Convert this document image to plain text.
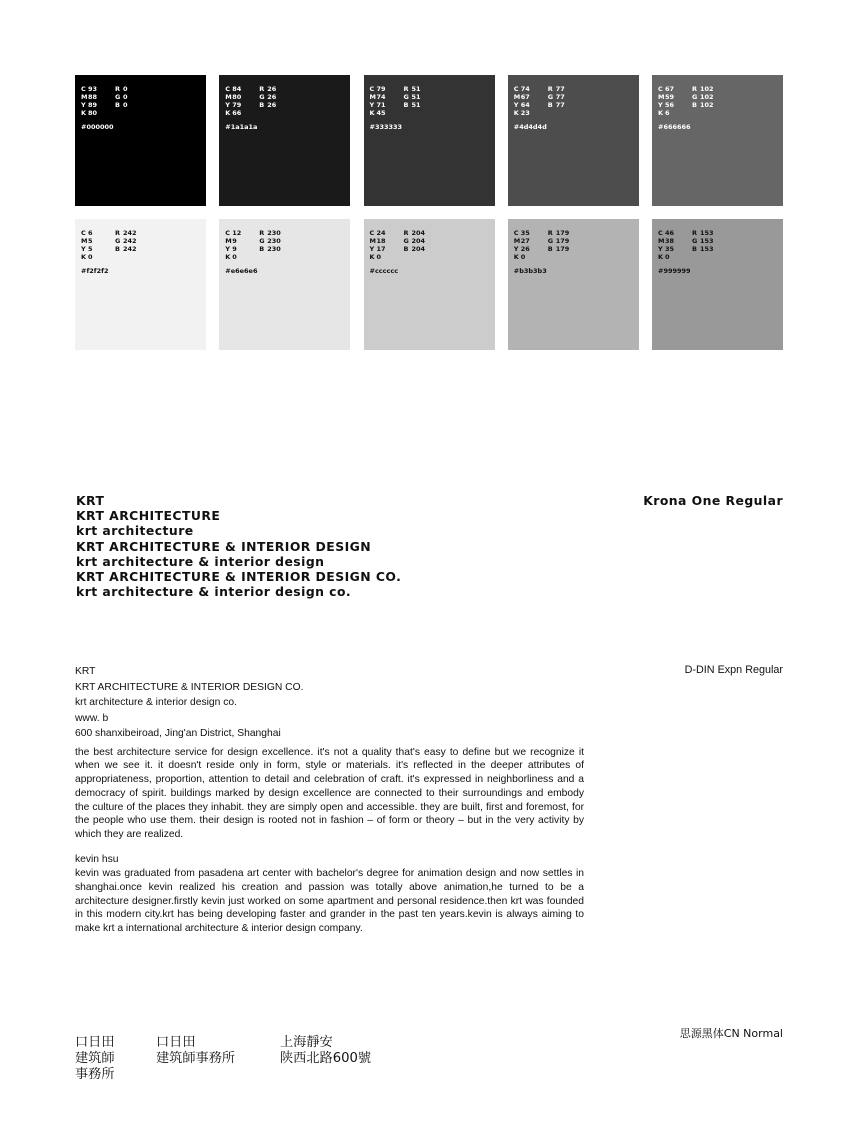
C 93	R 0
M 88	G 0
Y 89	B 0
K 80
#000000
C 84	R 26
M 80	G 26
Y 79	B 26
K 66
#1a1a1a
C 79	R 51
M 74	G 51
Y 71	B 51
K 45
#333333
C 74	R 77
M 67	G 77
Y 64	B 77
K 23
#4d4d4d
C 67	R 102
M 59	G 102
Y 56	B 102
K 6
#666666
C 6	R 242
M 5	G 242
Y 5	B 242
K 0
#f2f2f2
C 12	R 230
M 9	G 230
Y 9	B 230
K 0
#e6e6e6
C 24	R 204
M 18	G 204
Y 17	B 204
K 0
#cccccc
C 35	R 179
M 27	G 179
Y 26	B 179
K 0
#b3b3b3
C 46	R 153
M 38	G 153
Y 35	B 153
K 0
#999999
KRT
KRT ARCHITECTURE
krt architecture
KRT ARCHITECTURE & INTERIOR DESIGN
krt architecture & interior design
KRT ARCHITECTURE & INTERIOR DESIGN CO.
krt architecture & interior design co.
Krona One Regular
KRT
KRT ARCHITECTURE & INTERIOR DESIGN CO.
krt architecture & interior design co.
www. b
600 shanxibeiroad, Jing'an District, Shanghai

the best architecture service for design excellence. it's not a quality that's easy to define but we recognize it when we see it. it doesn't reside only in form, style or materials. it's reflected in the deeper attributes of appropriateness, proportion, attention to detail and celebration of craft. it's expressed in neighborliness and a democracy of spirit. buildings marked by design excellence are connected to their surroundings and embody the culture of the places they inhabit. they are simply open and accessible. they are built, first and foremost, for the people who use them. their design is rooted not in fashion – of form or theory – but in the very activity by which they are realized.

kevin hsu

kevin was graduated from pasadena art center with bachelor's degree for animation design and now settles in shanghai.once kevin realized his creation and passion was totally above animation,he turned to be a architecture designer.firstly kevin just worked on some apartment and personal residence.then krt was founded in this modern city.krt has being developing faster and grander in the past ten years.kevin is always aiming to make krt a international architecture & interior design company.

D-DIN Expn Regular
口日田
建筑師
事務所
口日田
建筑師事務所
上海靜安
陕西北路600號
思源黑体CN Normal
